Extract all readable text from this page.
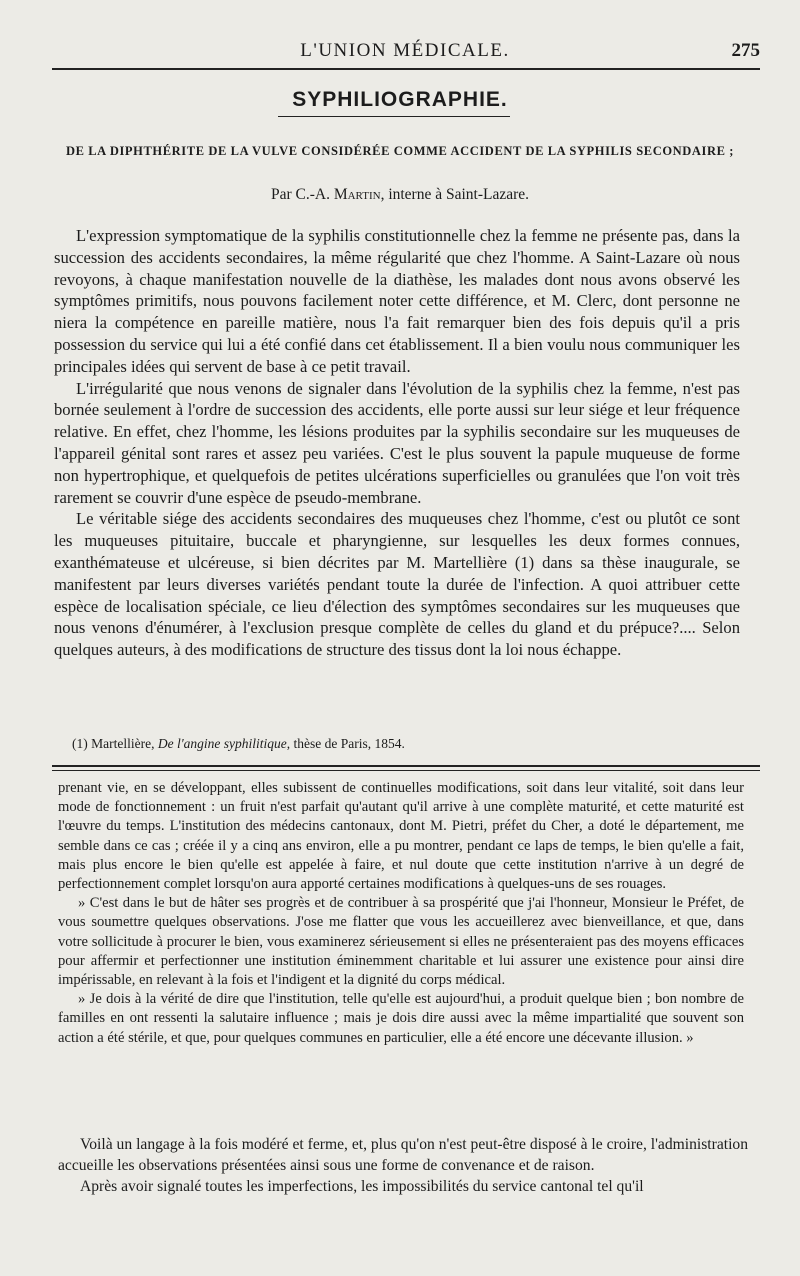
L'UNION MÉDICALE.	275
SYPHILIOGRAPHIE.
DE LA DIPHTHÉRITE DE LA VULVE CONSIDÉRÉE COMME ACCIDENT DE LA SYPHILIS SECONDAIRE ;
Par C.-A. Martin, interne à Saint-Lazare.

L'expression symptomatique de la syphilis constitutionnelle chez la femme ne présente pas, dans la succession des accidents secondaires, la même régularité que chez l'homme. A Saint-Lazare où nous revoyons, à chaque manifestation nouvelle de la diathèse, les malades dont nous avons observé les symptômes primitifs, nous pouvons facilement noter cette différence, et M. Clerc, dont personne ne niera la compétence en pareille matière, nous l'a fait remarquer bien des fois depuis qu'il a pris possession du service qui lui a été confié dans cet établissement. Il a bien voulu nous communiquer les principales idées qui servent de base à ce petit travail.

L'irrégularité que nous venons de signaler dans l'évolution de la syphilis chez la femme, n'est pas bornée seulement à l'ordre de succession des accidents, elle porte aussi sur leur siége et leur fréquence relative. En effet, chez l'homme, les lésions produites par la syphilis secondaire sur les muqueuses de l'appareil génital sont rares et assez peu variées. C'est le plus souvent la papule muqueuse de forme non hypertrophique, et quelquefois de petites ulcérations superficielles ou granulées que l'on voit très rarement se couvrir d'une espèce de pseudo-membrane.

Le véritable siége des accidents secondaires des muqueuses chez l'homme, c'est ou plutôt ce sont les muqueuses pituitaire, buccale et pharyngienne, sur lesquelles les deux formes connues, exanthémateuse et ulcéreuse, si bien décrites par M. Martellière (1) dans sa thèse inaugurale, se manifestent par leurs diverses variétés pendant toute la durée de l'infection. A quoi attribuer cette espèce de localisation spéciale, ce lieu d'élection des symptômes secondaires sur les muqueuses que nous venons d'énumérer, à l'exclusion presque complète de celles du gland et du prépuce?.... Selon quelques auteurs, à des modifications de structure des tissus dont la loi nous échappe.

(1) Martellière, De l'angine syphilitique, thèse de Paris, 1854.

prenant vie, en se développant, elles subissent de continuelles modifications, soit dans leur vitalité, soit dans leur mode de fonctionnement : un fruit n'est parfait qu'autant qu'il arrive à une complète maturité, et cette maturité est l'œuvre du temps. L'institution des médecins cantonaux, dont M. Pietri, préfet du Cher, a doté le département, me semble dans ce cas ; créée il y a cinq ans environ, elle a pu montrer, pendant ce laps de temps, le bien qu'elle a fait, mais plus encore le bien qu'elle est appelée à faire, et nul doute que cette institution n'arrive à un degré de perfectionnement complet lorsqu'on aura apporté certaines modifications à quelques-uns de ses rouages.

» C'est dans le but de hâter ses progrès et de contribuer à sa prospérité que j'ai l'honneur, Monsieur le Préfet, de vous soumettre quelques observations. J'ose me flatter que vous les accueillerez avec bienveillance, et que, dans votre sollicitude à procurer le bien, vous examinerez sérieusement si elles ne présenteraient pas des moyens efficaces pour affermir et perfectionner une institution éminemment charitable et lui assurer une existence pour ainsi dire impérissable, en relevant à la fois et l'indigent et la dignité du corps médical.

» Je dois à la vérité de dire que l'institution, telle qu'elle est aujourd'hui, a produit quelque bien ; bon nombre de familles en ont ressenti la salutaire influence ; mais je dois dire aussi avec la même impartialité que souvent son action a été stérile, et que, pour quelques communes en particulier, elle a été encore une décevante illusion. »

Voilà un langage à la fois modéré et ferme, et, plus qu'on n'est peut-être disposé à le croire, l'administration accueille les observations présentées ainsi sous une forme de convenance et de raison.

Après avoir signalé toutes les imperfections, les impossibilités du service cantonal tel qu'il
